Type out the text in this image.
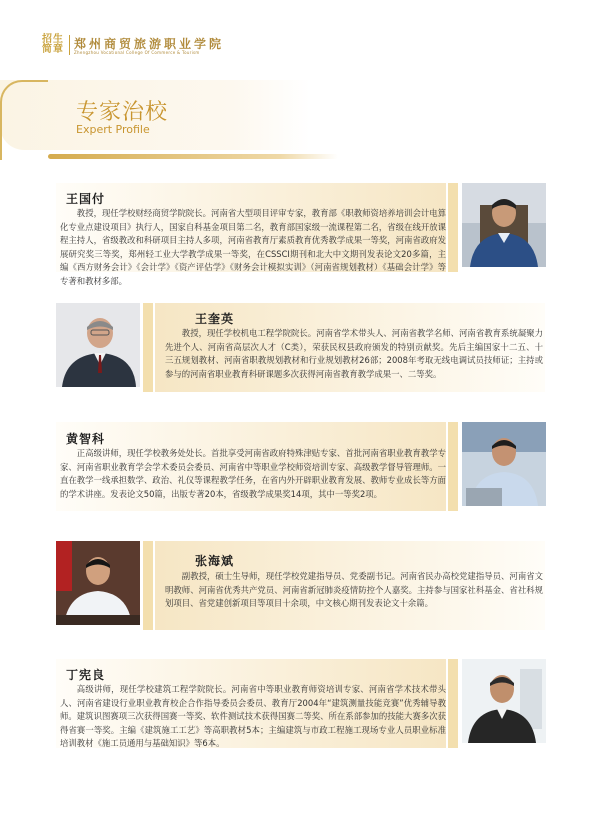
招生
简章 郑州商贸旅游职业学院
Zhengzhou Vocational College Of Commerce & Tourism
专家治校
Expert Profile
王国付
教授，现任学校财经商贸学院院长。河南省大型项目评审专家，教育部《职教师资培养培训会计电算化专业点建设项目》执行人，国家自科基金项目第二名，教育部国家级一流课程第二名，省级在线开放课程主持人，省级教改和科研项目主持人多项，河南省教育厅素质教育优秀教学成果一等奖，河南省政府发展研究奖三等奖，郑州轻工业大学教学成果一等奖，在CSSCI期刊和北大中文期刊发表论文20多篇，主编《西方财务会计》《会计学》《资产评估学》《财务会计模拟实训》（河南省规划教材）《基础会计学》等专著和教材多部。
王奎英
教授，现任学校机电工程学院院长。河南省学术带头人、河南省教学名师、河南省教育系统凝聚力先进个人、河南省高层次人才（C类），荣获民权县政府颁发的特别贡献奖。先后主编国家十二五、十三五规划教材、河南省职教规划教材和行业规划教材26部；2008年考取无线电调试员技师证；主持或参与的河南省职业教育科研课题多次获得河南省教育教学成果一、二等奖。
黄智科
正高级讲师，现任学校教务处处长。首批享受河南省政府特殊津贴专家、首批河南省职业教育教学专家、河南省职业教育学会学术委员会委员、河南省中等职业学校师资培训专家、高级教学督导管理师。一直在教学一线承担数学、政治、礼仪等课程教学任务，在省内外开辟职业教育发展、教师专业成长等方面的学术讲座。发表论文50篇，出版专著20本，省级教学成果奖14项，其中一等奖2项。
张海斌
副教授，硕士生导师，现任学校党建指导员、党委副书记。河南省民办高校党建指导员、河南省文明教师、河南省优秀共产党员、河南省新冠肺炎疫情防控个人嘉奖。主持参与国家社科基金、省社科规划项目、省党建创新项目等项目十余项，中文核心期刊发表论文十余篇。
丁宪良
高级讲师，现任学校建筑工程学院院长。河南省中等职业教育师资培训专家、河南省学术技术带头人、河南省建设行业职业教育校企合作指导委员会委员、教育厅2004年“建筑测量技能竞赛”优秀辅导教师。建筑识图赛项三次获得国赛一等奖、软件测试技术获得国赛二等奖、所在系部参加的技能大赛多次获得省赛一等奖。主编《建筑施工工艺》等高职教材5本；主编建筑与市政工程施工现场专业人员职业标准培训教材《施工员通用与基础知识》等6本。
